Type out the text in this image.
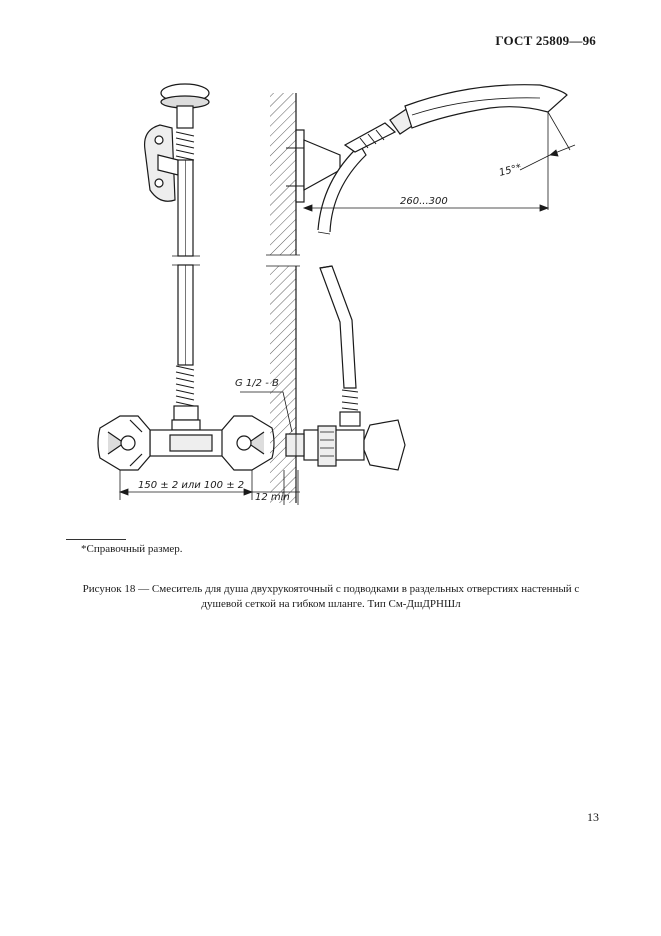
ГОСТ 25809—96
150 ± 2 или 100 ± 2
G 1/2 - B
12 min
260...300
15°*
*Справочный размер.
Рисунок 18 — Смеситель для душа двухрукояточный с подводками в раздельных отверстиях настенный с душевой сеткой на гибком шланге. Тип См-ДшДРНШл
13
